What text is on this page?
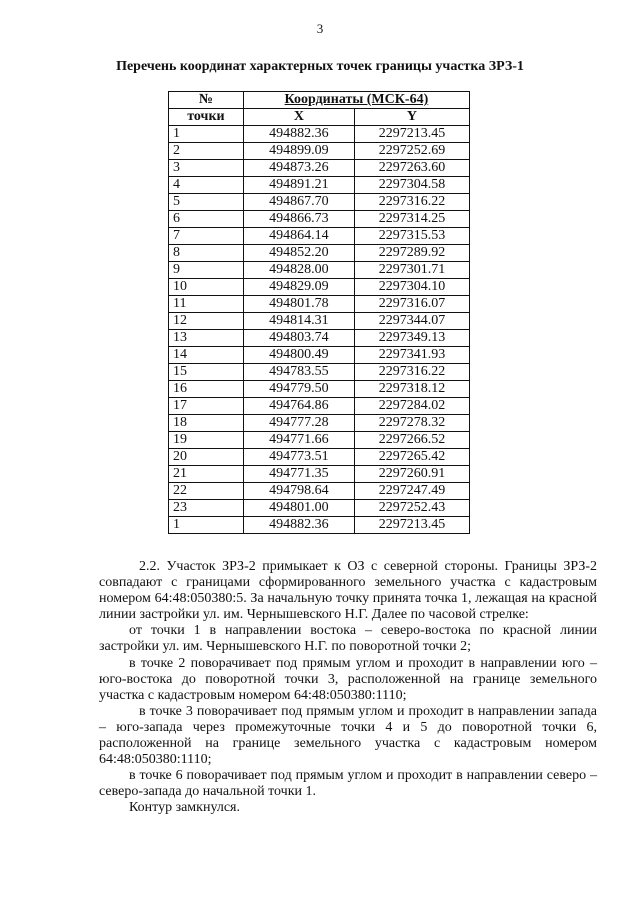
3
Перечень координат характерных точек границы участка ЗРЗ-1
№	Координаты (МСК-64)	
точки	X	Y
1	494882.36	2297213.45
2	494899.09	2297252.69
3	494873.26	2297263.60
4	494891.21	2297304.58
5	494867.70	2297316.22
6	494866.73	2297314.25
7	494864.14	2297315.53
8	494852.20	2297289.92
9	494828.00	2297301.71
10	494829.09	2297304.10
11	494801.78	2297316.07
12	494814.31	2297344.07
13	494803.74	2297349.13
14	494800.49	2297341.93
15	494783.55	2297316.22
16	494779.50	2297318.12
17	494764.86	2297284.02
18	494777.28	2297278.32
19	494771.66	2297266.52
20	494773.51	2297265.42
21	494771.35	2297260.91
22	494798.64	2297247.49
23	494801.00	2297252.43
1	494882.36	2297213.45

2.2. Участок ЗРЗ-2 примыкает к ОЗ с северной стороны. Границы ЗРЗ-2 совпадают с границами сформированного земельного участка с кадастровым номером 64:48:050380:5. За начальную точку принята точка 1, лежащая на красной линии застройки ул. им. Чернышевского Н.Г. Далее по часовой стрелке:

от точки 1 в направлении востока – северо-востока по красной линии застройки ул. им. Чернышевского Н.Г. по поворотной точки 2;

в точке 2 поворачивает под прямым углом и проходит в направлении юго – юго-востока до поворотной точки 3, расположенной на границе земельного участка с кадастровым номером 64:48:050380:1110;

в точке 3 поворачивает под прямым углом и проходит в направлении запада – юго-запада через промежуточные точки 4 и 5 до поворотной точки 6, расположенной на границе земельного участка с кадастровым номером 64:48:050380:1110;

в точке 6 поворачивает под прямым углом и проходит в направлении северо – северо-запада до начальной точки 1.

Контур замкнулся.
